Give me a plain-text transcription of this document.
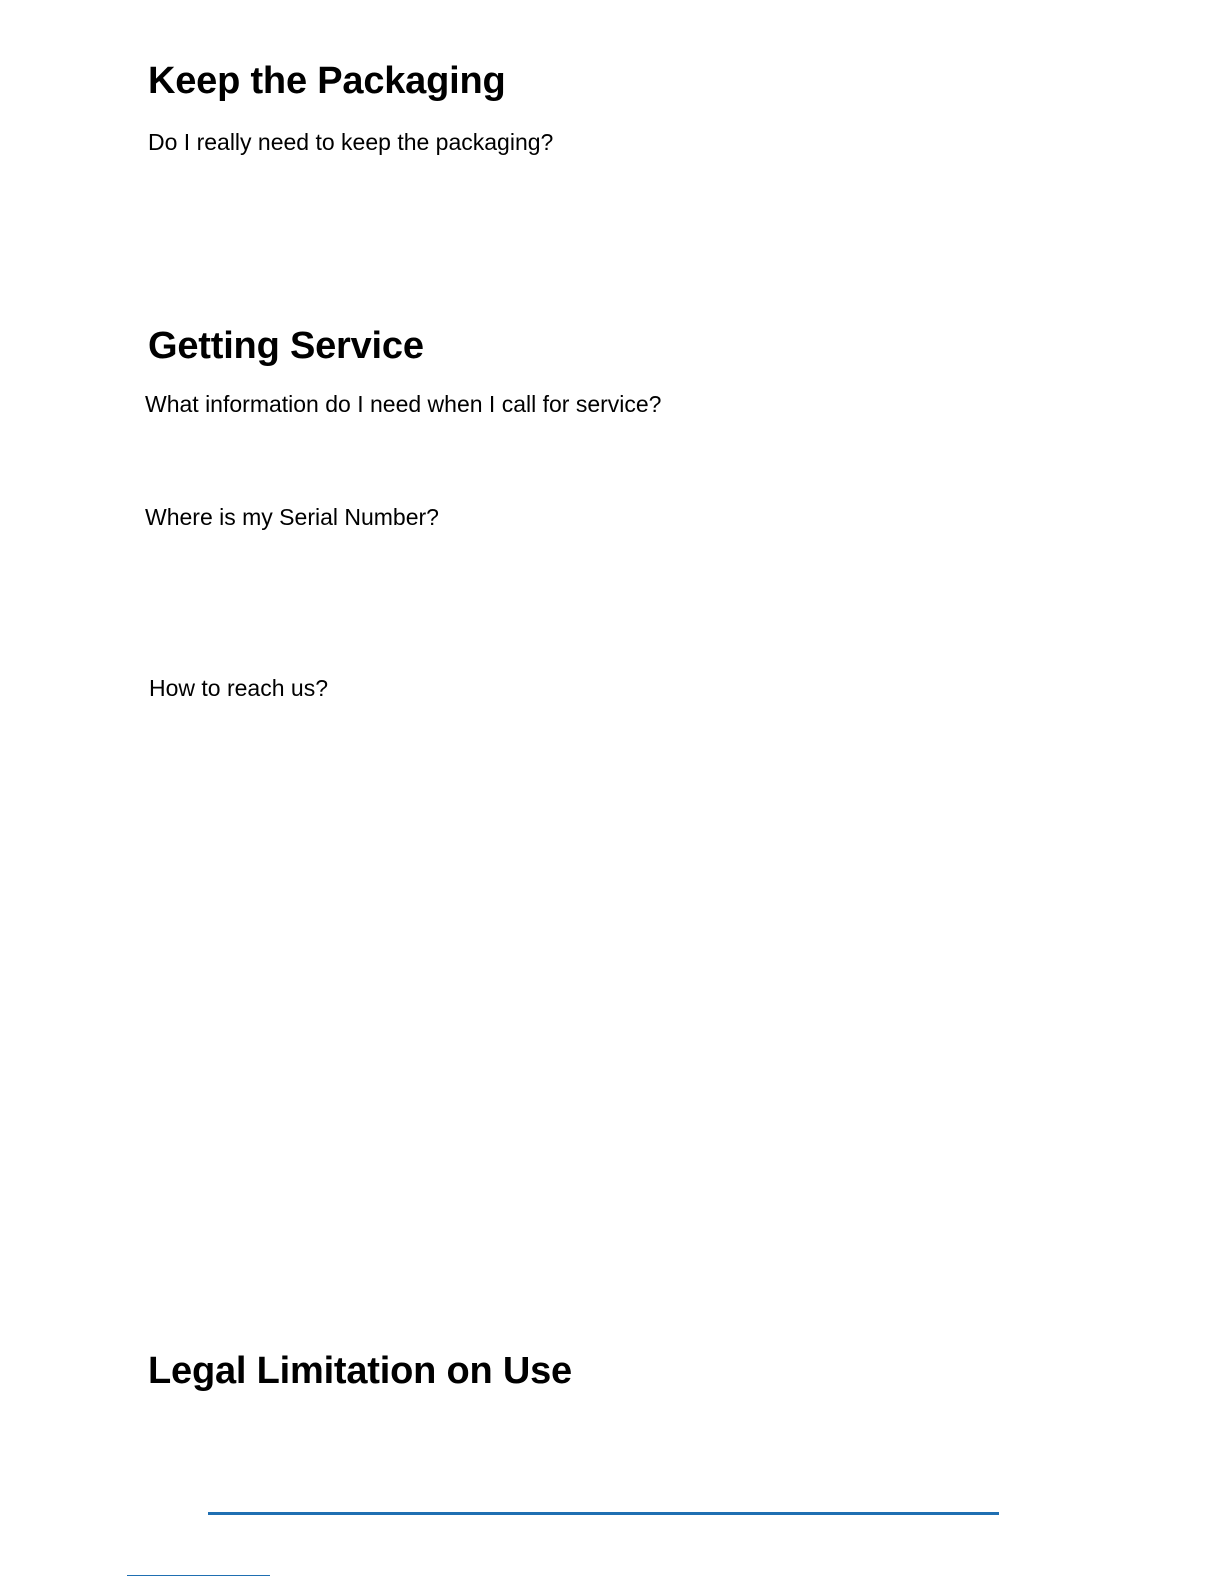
Keep the Packaging

Do I really need to keep the packaging?

Getting Service

What information do I need when I call for service?

Where is my Serial Number?

How to reach us?

Legal Limitation on Use
